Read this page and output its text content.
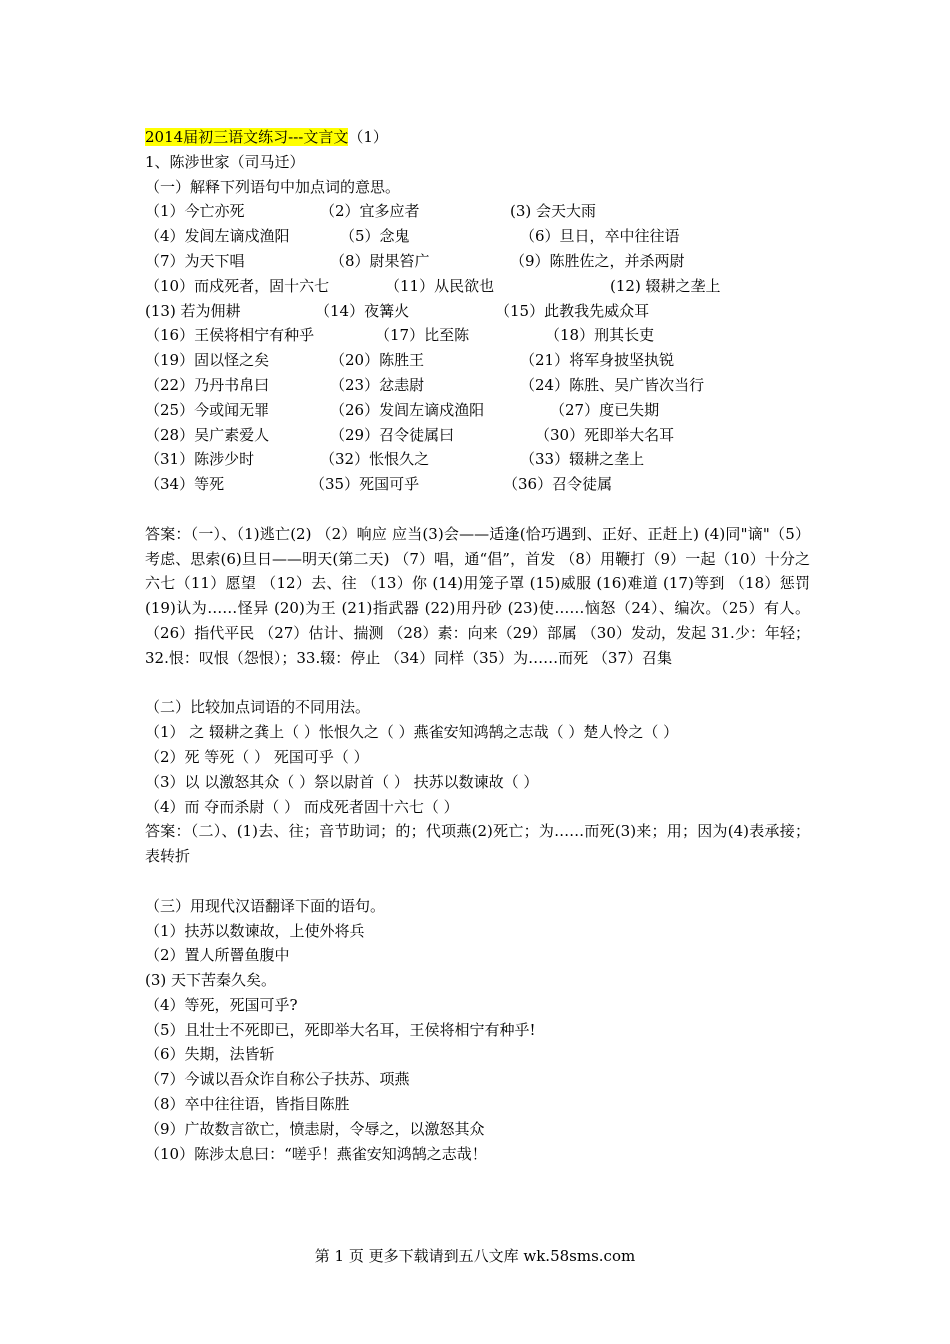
2014届初三语文练习---文言文（1）
1、陈涉世家（司马迁）
（一）解释下列语句中加点词的意思。
（1）今亡亦死	（2）宜多应者	(3) 会天大雨
（4）发闾左谪戍渔阳	（5）念鬼	（6）旦日，卒中往往语
（7）为天下唱	（8）尉果笞广	（9）陈胜佐之，并杀两尉
（10）而戍死者，固十六七	（11）从民欲也	(12) 辍耕之垄上
(13) 若为佣耕	（14）夜篝火	（15）此教我先威众耳
（16）王侯将相宁有种乎	（17）比至陈	（18）刑其长吏
（19）固以怪之矣	（20）陈胜王	（21）将军身披坚执锐
（22）乃丹书帛曰	（23）忿恚尉	（24）陈胜、吴广皆次当行
（25）今或闻无罪	（26）发闾左谪戍渔阳	（27）度已失期
（28）吴广素爱人	（29）召令徒属曰	（30）死即举大名耳
（31）陈涉少时	（32）怅恨久之	（33）辍耕之垄上
（34）等死	（35）死国可乎	（36）召令徒属
答案：（一）、（1)逃亡(2) （2）响应 应当(3)会——适逢(恰巧遇到、正好、正赶上) (4)同"谪"（5）考虑、思索(6)旦日——明天(第二天) （7）唱，通“倡”，首发 （8）用鞭打（9）一起（10）十分之六七（11）愿望 （12）去、往 （13）你 (14)用笼子罩 (15)威服 (16)难道 (17)等到 （18）惩罚(19)认为……怪异 (20)为王 (21)指武器 (22)用丹砂 (23)使……恼怒（24）、编次。（25）有人。（26）指代平民 （27）估计、揣测 （28）素：向来（29）部属 （30）发动，发起 31.少：年轻；32.恨：叹恨（怨恨）；33.辍：停止 （34）同样（35）为……而死 （37）召集
（二）比较加点词语的不同用法。
（1） 之 辍耕之龚上（ ）怅恨久之（ ）燕雀安知鸿鹄之志哉（ ）楚人怜之（ ）
（2）死 等死（ ） 死国可乎（ ）
（3）以 以激怒其众（ ）祭以尉首（ ） 扶苏以数谏故（ ）
（4）而 夺而杀尉（ ） 而戍死者固十六七（ ）
答案：（二）、(1)去、往；音节助词；的；代项燕(2)死亡；为……而死(3)来；用；因为(4)表承接；表转折
（三）用现代汉语翻译下面的语句。
（1）扶苏以数谏故，上使外将兵
（2）置人所罾鱼腹中
(3) 天下苦秦久矣。
（4）等死，死国可乎?
（5）且壮士不死即已，死即举大名耳，王侯将相宁有种乎!
（6）失期，法皆斩
（7）今诚以吾众诈自称公子扶苏、项燕
（8）卒中往往语，皆指目陈胜
（9）广故数言欲亡，愤恚尉，令辱之，以激怒其众
（10）陈涉太息曰：“嗟乎！燕雀安知鸿鹄之志哉！
第 1 页 更多下载请到五八文库 wk.58sms.com
